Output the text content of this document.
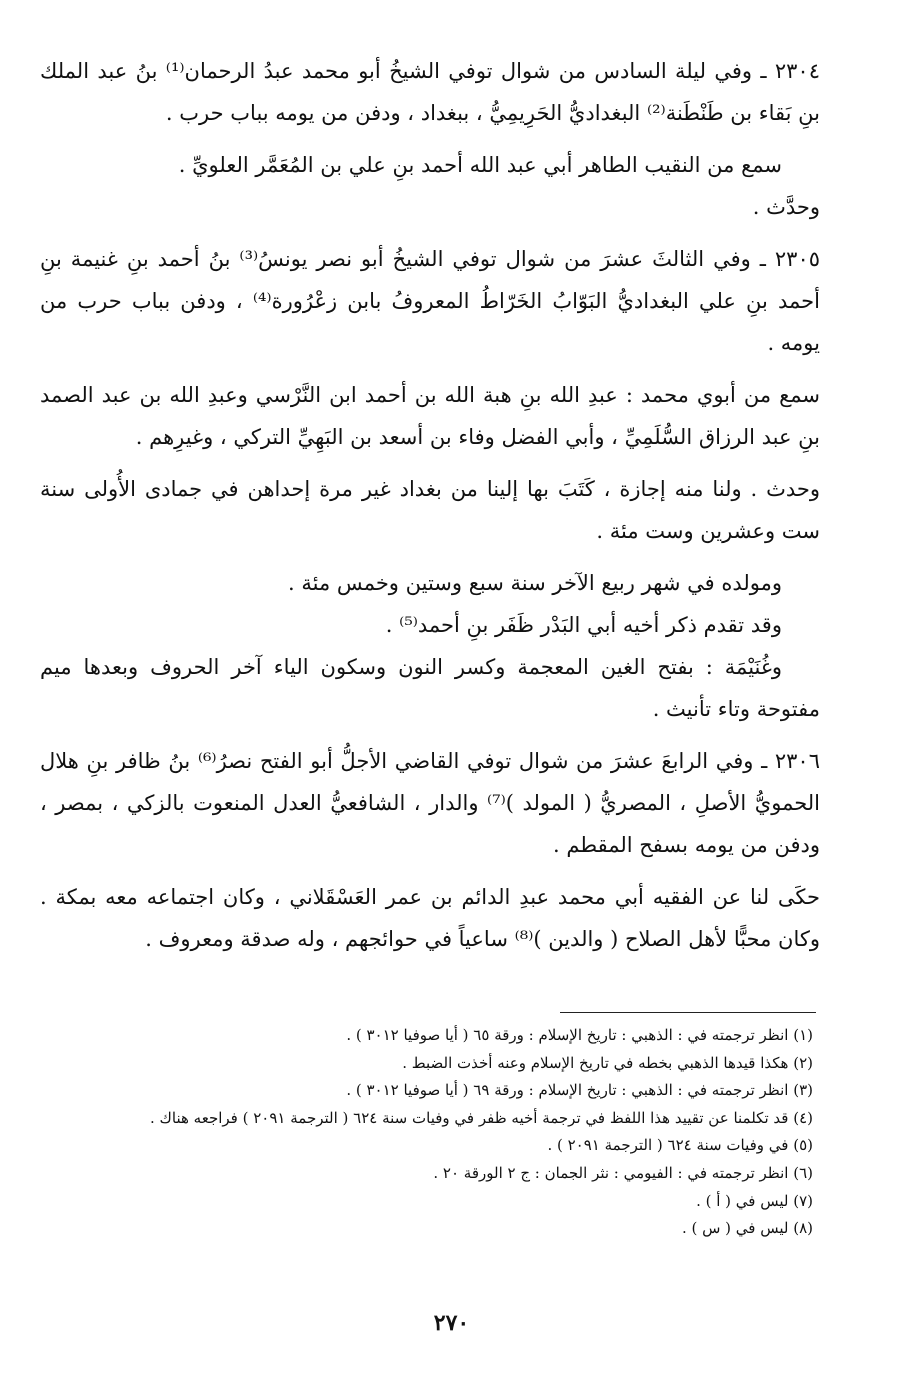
٢٣٠٤ ـ وفي ليلة السادس من شوال توفي الشيخُ أبو محمد عبدُ الرحمان⁽¹⁾ بنُ عبد الملك بنِ بَقاء بن طَنْطَنة⁽²⁾ البغداديُّ الحَرِيمِيُّ ، ببغداد ، ودفن من يومه بباب حرب .

سمع من النقيب الطاهر أبي عبد الله أحمد بنِ علي بن المُعَمَّر العلويِّ .

وحدَّث .

٢٣٠٥ ـ وفي الثالثَ عشرَ من شوال توفي الشيخُ أبو نصر يونسُ⁽³⁾ بنُ أحمد بنِ غنيمة بنِ أحمد بنِ علي البغداديُّ البَوّابُ الخَرّاطُ المعروفُ بابن زعْرُورة⁽⁴⁾ ، ودفن بباب حرب من يومه .

سمع من أبوي محمد : عبدِ الله بنِ هبة الله بن أحمد ابن النَّرْسي وعبدِ الله بن عبد الصمد بنِ عبد الرزاق السُّلَمِيِّ ، وأبي الفضل وفاء بن أسعد بن البَهِيِّ التركي ، وغيرِهم .

وحدث . ولنا منه إجازة ، كَتَبَ بها إلينا من بغداد غير مرة إحداهن في جمادى الأُولى سنة ست وعشرين وست مئة .

ومولده في شهر ربيع الآخر سنة سبع وستين وخمس مئة .

وقد تقدم ذكر أخيه أبي البَدْر ظَفَر بنِ أحمد⁽⁵⁾ .

وغُنَيْمَة : بفتح الغين المعجمة وكسر النون وسكون الياء آخر الحروف وبعدها ميم مفتوحة وتاء تأنيث .

٢٣٠٦ ـ وفي الرابعَ عشرَ من شوال توفي القاضي الأجلُّ أبو الفتح نصرُ⁽⁶⁾ بنُ ظافر بنِ هلال الحمويُّ الأصلِ ، المصريُّ ( المولد )⁽⁷⁾ والدار ، الشافعيُّ العدل المنعوت بالزكي ، بمصر ، ودفن من يومه بسفح المقطم .

حكَى لنا عن الفقيه أبي محمد عبدِ الدائم بن عمر العَسْقَلاني ، وكان اجتماعه معه بمكة . وكان محبًّا لأهل الصلاح ( والدين )⁽⁸⁾ ساعياً في حوائجهم ، وله صدقة ومعروف .

(١) انظر ترجمته في : الذهبي : تاريخ الإسلام : ورقة ٦٥ ( أيا صوفيا ٣٠١٢ ) .

(٢) هكذا قيدها الذهبي بخطه في تاريخ الإسلام وعنه أخذت الضبط .

(٣) انظر ترجمته في : الذهبي : تاريخ الإسلام : ورقة ٦٩ ( أيا صوفيا ٣٠١٢ ) .

(٤) قد تكلمنا عن تقييد هذا اللفظ في ترجمة أخيه ظفر في وفيات سنة ٦٢٤ ( الترجمة ٢٠٩١ ) فراجعه هناك .

(٥) في وفيات سنة ٦٢٤ ( الترجمة ٢٠٩١ ) .

(٦) انظر ترجمته في : الفيومي : نثر الجمان : ج ٢ الورقة ٢٠ .

(٧) ليس في ( أ ) .

(٨) ليس في ( س ) .

٢٧٠
